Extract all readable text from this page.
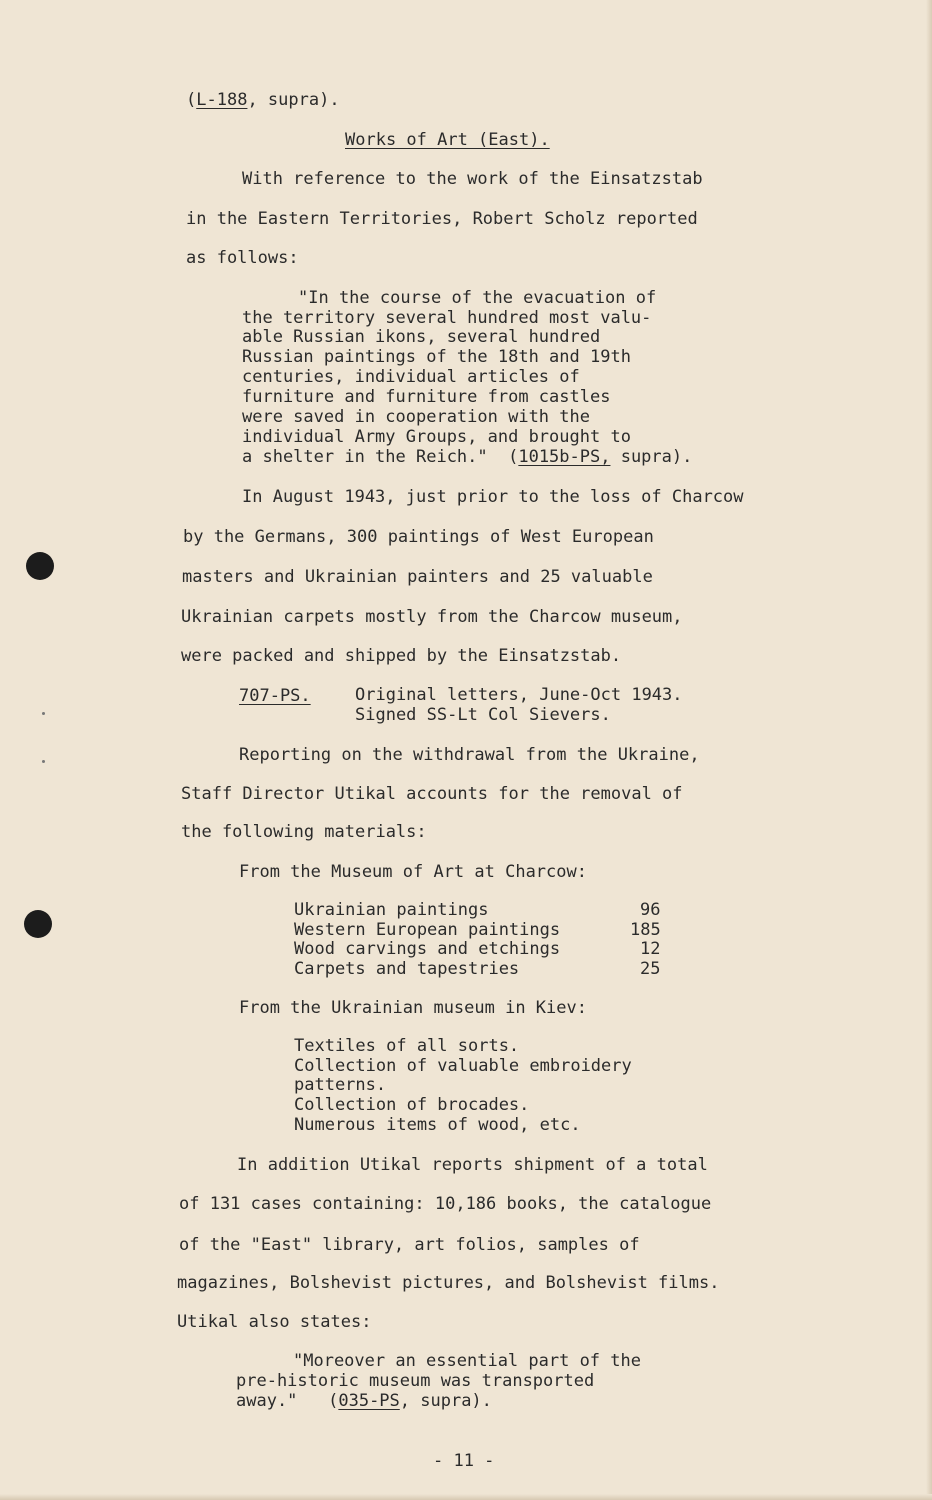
(L-188, supra).
Works of Art (East).
With reference to the work of the Einsatzstab
in the Eastern Territories, Robert Scholz reported
as follows:
"In the course of the evacuation of
the territory several hundred most valu-
able Russian ikons, several hundred
Russian paintings of the 18th and 19th
centuries, individual articles of
furniture and furniture from castles
were saved in cooperation with the
individual Army Groups, and brought to
a shelter in the Reich."  (1015b-PS, supra).
In August 1943, just prior to the loss of Charcow
by the Germans, 300 paintings of West European
masters and Ukrainian painters and 25 valuable
Ukrainian carpets mostly from the Charcow museum,
were packed and shipped by the Einsatzstab.
707-PS.	Original letters, June-Oct 1943.
Signed SS-Lt Col Sievers.
Reporting on the withdrawal from the Ukraine,
Staff Director Utikal accounts for the removal of
the following materials:
From the Museum of Art at Charcow:
Ukrainian paintings	96
Western European paintings	185
Wood carvings and etchings	12
Carpets and tapestries	25
From the Ukrainian museum in Kiev:
Textiles of all sorts.
Collection of valuable embroidery
patterns.
Collection of brocades.
Numerous items of wood, etc.
In addition Utikal reports shipment of a total
of 131 cases containing: 10,186 books, the catalogue
of the "East" library, art folios, samples of
magazines, Bolshevist pictures, and Bolshevist films.
Utikal also states:
"Moreover an essential part of the
pre-historic museum was transported
away."   (035-PS, supra).
- 11 -
